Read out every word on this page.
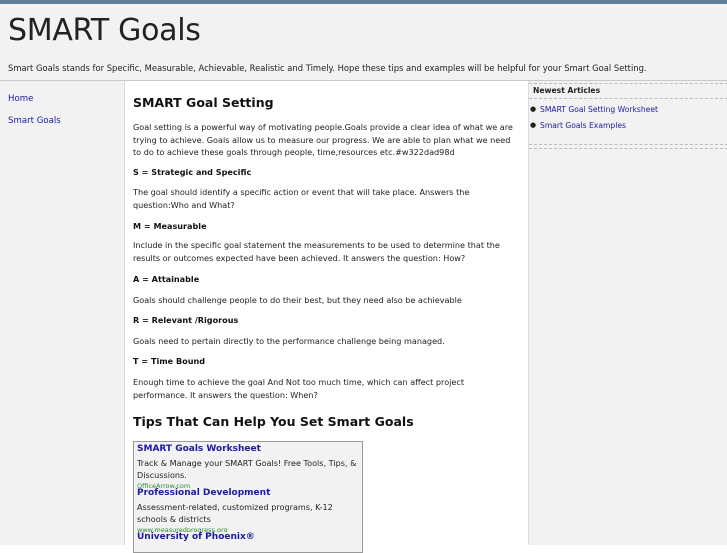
SMART Goals
Smart Goals stands for Specific, Measurable, Achievable, Realistic and Timely. Hope these tips and examples will be helpful for your Smart Goal Setting.
Home
Smart Goals
SMART Goal Setting

Goal setting is a powerful way of motivating people.Goals provide a clear idea of what we are trying to achieve. Goals allow us to measure our progress. We are able to plan what we need to do to achieve these goals through people, time,resources etc.#w322dad98d

S = Strategic and Specific

The goal should identify a specific action or event that will take place. Answers the question:Who and What?

M = Measurable

Include in the specific goal statement the measurements to be used to determine that the results or outcomes expected have been achieved. It answers the question: How?

A = Attainable

Goals should challenge people to do their best, but they need also be achievable

R = Relevant /Rigorous

Goals need to pertain directly to the performance challenge being managed.

T = Time Bound

Enough time to achieve the goal And Not too much time, which can affect project performance. It answers the question: When?

Tips That Can Help You Set Smart Goals
SMART Goals Worksheet
Track & Manage your SMART Goals! Free Tools, Tips, & Discussions.
OfficeArrow.com
Professional Development
Assessment-related, customized programs, K-12 schools & districts
www.measuredprogress.org
University of Phoenix®
Newest Articles
● SMART Goal Setting Worksheet
● Smart Goals Examples
